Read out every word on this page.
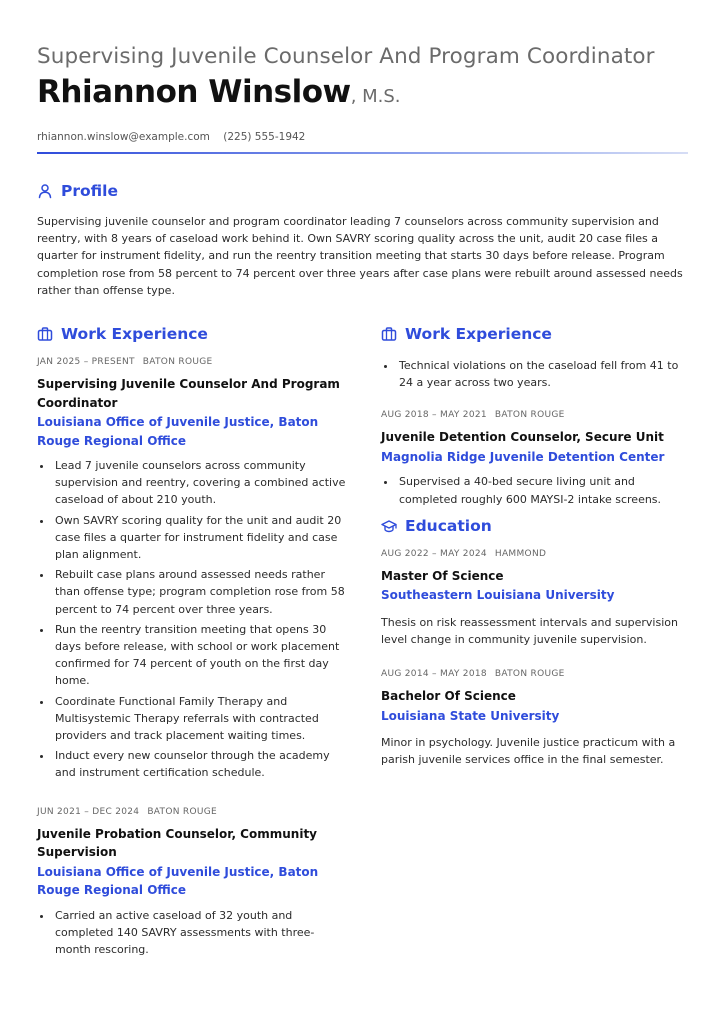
Supervising Juvenile Counselor And Program Coordinator
Rhiannon Winslow, M.S.
rhiannon.winslow@example.com (225) 555-1942
Profile
Supervising juvenile counselor and program coordinator leading 7 counselors across community supervision and reentry, with 8 years of caseload work behind it. Own SAVRY scoring quality across the unit, audit 20 case files a quarter for instrument fidelity, and run the reentry transition meeting that starts 30 days before release. Program completion rose from 58 percent to 74 percent over three years after case plans were rebuilt around assessed needs rather than offense type.
Work Experience
JAN 2025 – PRESENT BATON ROUGE
Supervising Juvenile Counselor And Program Coordinator
Louisiana Office of Juvenile Justice, Baton Rouge Regional Office
• Lead 7 juvenile counselors across community supervision and reentry, covering a combined active caseload of about 210 youth.
• Own SAVRY scoring quality for the unit and audit 20 case files a quarter for instrument fidelity and case plan alignment.
• Rebuilt case plans around assessed needs rather than offense type; program completion rose from 58 percent to 74 percent over three years.
• Run the reentry transition meeting that opens 30 days before release, with school or work placement confirmed for 74 percent of youth on the first day home.
• Coordinate Functional Family Therapy and Multisystemic Therapy referrals with contracted providers and track placement waiting times.
• Induct every new counselor through the academy and instrument certification schedule.
JUN 2021 – DEC 2024 BATON ROUGE
Juvenile Probation Counselor, Community Supervision
Louisiana Office of Juvenile Justice, Baton Rouge Regional Office
• Carried an active caseload of 32 youth and completed 140 SAVRY assessments with three-month rescoring.
Work Experience
• Technical violations on the caseload fell from 41 to 24 a year across two years.
AUG 2018 – MAY 2021 BATON ROUGE
Juvenile Detention Counselor, Secure Unit
Magnolia Ridge Juvenile Detention Center
• Supervised a 40-bed secure living unit and completed roughly 600 MAYSI-2 intake screens.
Education
AUG 2022 – MAY 2024 HAMMOND
Master Of Science
Southeastern Louisiana University
Thesis on risk reassessment intervals and supervision level change in community juvenile supervision.
AUG 2014 – MAY 2018 BATON ROUGE
Bachelor Of Science
Louisiana State University
Minor in psychology. Juvenile justice practicum with a parish juvenile services office in the final semester.
